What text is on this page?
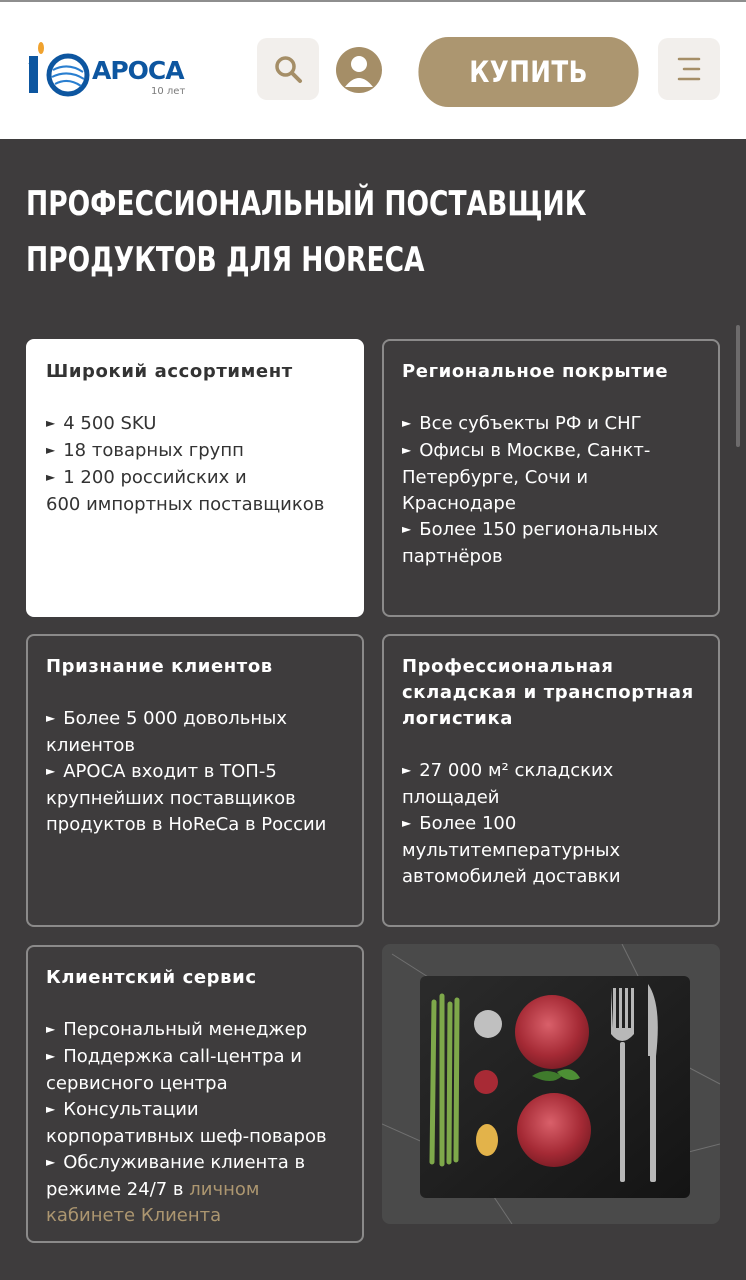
АРОСА
10 лет
КУПИТЬ
ПРОФЕССИОНАЛЬНЫЙ ПОСТАВЩИК
ПРОДУКТОВ ДЛЯ HORECA
Широкий ассортимент
► 4 500 SKU
► 18 товарных групп
► 1 200 российских и
600 импортных поставщиков
Региональное покрытие
► Все субъекты РФ и СНГ
► Офисы в Москве, Санкт-
Петербурге, Сочи и
Краснодаре
► Более 150 региональных
партнёров
Признание клиентов
► Более 5 000 довольных
клиентов
► АРОСА входит в ТОП-5
крупнейших поставщиков
продуктов в HoReCa в России
Профессиональная
складская и транспортная
логистика
► 27 000 м² складских
площадей
► Более 100
мультитемпературных
автомобилей доставки
Клиентский сервис
► Персональный менеджер
► Поддержка call-центра и
сервисного центра
► Консультации
корпоративных шеф-поваров
► Обслуживание клиента в
режиме 24/7 в личном
кабинете Клиента
